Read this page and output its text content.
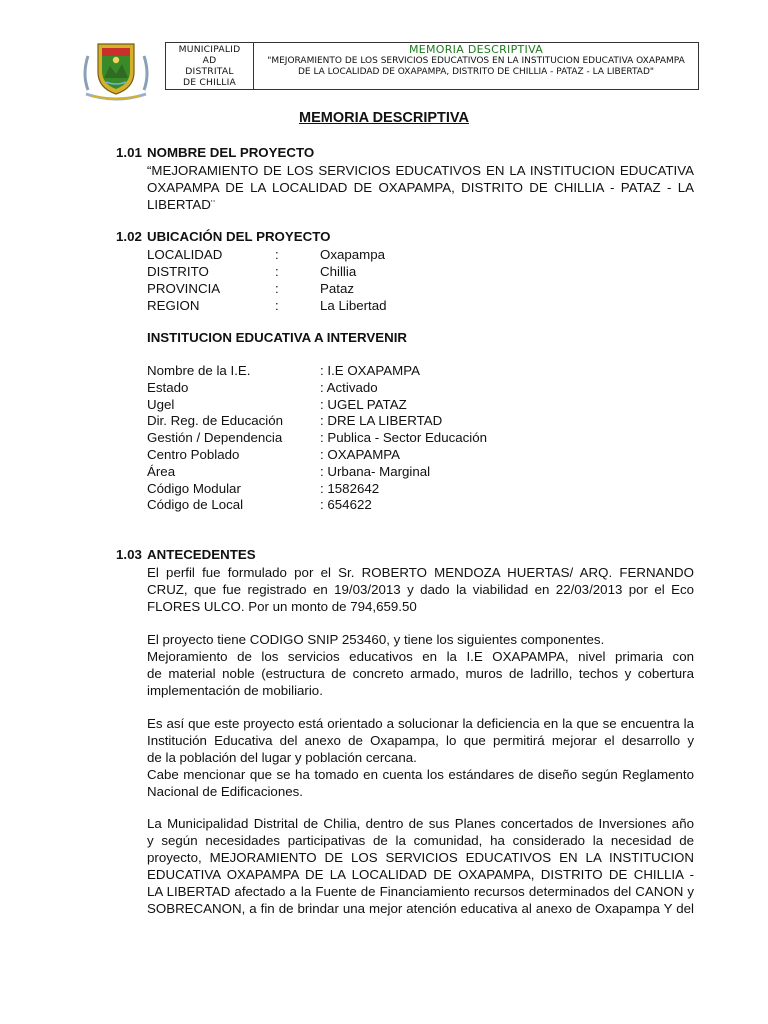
MUNICIPALID
AD
DISTRITAL
DE CHILLIA
MEMORIA DESCRIPTIVA
"MEJORAMIENTO DE LOS SERVICIOS EDUCATIVOS EN LA INSTITUCION EDUCATIVA OXAPAMPA DE LA LOCALIDAD DE OXAPAMPA, DISTRITO DE CHILLIA - PATAZ - LA LIBERTAD"
MEMORIA DESCRIPTIVA
1.01 NOMBRE DEL PROYECTO
“MEJORAMIENTO DE LOS SERVICIOS EDUCATIVOS EN LA INSTITUCION EDUCATIVA
OXAPAMPA DE LA LOCALIDAD DE OXAPAMPA, DISTRITO DE CHILLIA - PATAZ - LA
LIBERTAD¨
1.02 UBICACIÓN DEL PROYECTO
LOCALIDAD	:	Oxapampa
DISTRITO	:	Chillia
PROVINCIA	:	Pataz
REGION	:	La Libertad
INSTITUCION EDUCATIVA A INTERVENIR
Nombre de la I.E.	: I.E OXAPAMPA
Estado	: Activado
Ugel	: UGEL PATAZ
Dir. Reg. de Educación	: DRE LA LIBERTAD
Gestión / Dependencia	: Publica - Sector Educación
Centro Poblado	: OXAPAMPA
Área	: Urbana- Marginal
Código Modular	: 1582642
Código de Local	: 654622
1.03 ANTECEDENTES
El perfil fue formulado por el Sr. ROBERTO MENDOZA HUERTAS/ ARQ. FERNANDO
CRUZ, que fue registrado en 19/03/2013 y dado la viabilidad en 22/03/2013 por el Eco
FLORES ULCO. Por un monto de 794,659.50
El proyecto tiene CODIGO SNIP 253460, y tiene los siguientes componentes.
Mejoramiento de los servicios educativos en la I.E OXAPAMPA, nivel primaria con
de material noble (estructura de concreto armado, muros de ladrillo, techos y cobertura
implementación de mobiliario.
Es así que este proyecto está orientado a solucionar la deficiencia en la que se encuentra la
Institución Educativa del anexo de Oxapampa, lo que permitirá mejorar el desarrollo y
de la población del lugar y población cercana.
Cabe mencionar que se ha tomado en cuenta los estándares de diseño según Reglamento
Nacional de Edificaciones.
La Municipalidad Distrital de Chilia, dentro de sus Planes concertados de Inversiones año
y según necesidades participativas de la comunidad, ha considerado la necesidad de
proyecto, MEJORAMIENTO DE LOS SERVICIOS EDUCATIVOS EN LA INSTITUCION
EDUCATIVA OXAPAMPA DE LA LOCALIDAD DE OXAPAMPA, DISTRITO DE CHILLIA -
LA LIBERTAD afectado a la Fuente de Financiamiento recursos determinados del CANON y
SOBRECANON, a fin de brindar una mejor atención educativa al anexo de Oxapampa Y del
